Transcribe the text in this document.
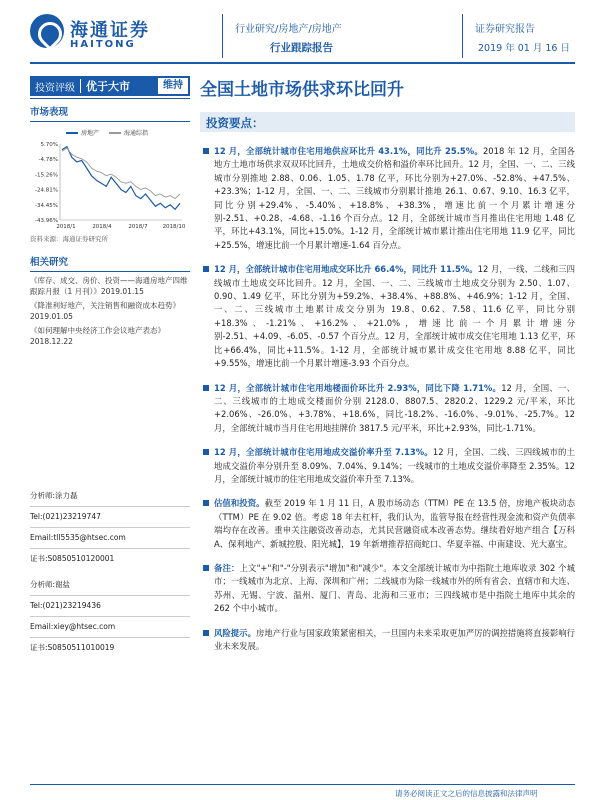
海通证券
HAITONG
行业研究/房地产/房地产
行业跟踪报告
证券研究报告
2019 年 01 月 16 日
投资评级	优于大市	维持 全国土地市场供求环比回升
市场表现
房地产	海通综指
5.70%
-4.78%
-15.26%
-24.81%
-34.45%
-43.96%
2018/1	2018/4	2018/7	2018/10
资料来源：海通证券研究所
相关研究
《库存、成交、房价、投资——海通房地产四维跟踪月报（1 月刊）》2019.01.15
《降准利好地产，关注销售和融资成本趋势》2019.01.05
《如何理解中央经济工作会议地产表态》2018.12.22
分析师:涂力磊
Tel:(021)23219747
Email:tll5535@htsec.com
证书:S0850510120001
分析师:谢盐
Tel:(021)23219436
Email:xiey@htsec.com
证书:S0850511010019
投资要点：
12 月，全部统计城市住宅用地供应环比升 43.1%，同比升 25.5%。2018 年 12 月，全国各地方土地市场供求双双环比回升，土地成交价格和溢价率环比回升。12 月，全国、一、二、三线城市分别推地 2.88、0.06、1.05、1.78 亿平，环比分别为+27.0%、-52.8%、+47.5%、+23.3%；1-12 月，全国、一、二、三线城市分别累计推地 26.1、0.67、9.10、16.3 亿平，同比分别+29.4%、-5.40%、+18.8%、+38.3%，增速比前一个月累计增速分别-2.51、+0.28、-4.68、-1.16 个百分点。12 月，全部统计城市当月推出住宅用地 1.48 亿平，环比+43.1%，同比+15.0%。1-12 月，全部统计城市累计推出住宅用地 11.9 亿平，同比+25.5%，增速比前一个月累计增速-1.64 百分点。
12 月，全部统计城市住宅用地成交环比升 66.4%，同比升 11.5%。12 月，一线、二线和三四线城市土地成交环比回升。12 月，全国、一、二、三线城市土地成交分别为 2.50、1.07、0.90、1.49 亿平，环比分别为+59.2%、+38.4%、+88.8%、+46.9%；1-12 月，全国、一、二、三线城市土地累计成交分别为 19.8、0.62、7.58、11.6 亿平，同比分别+18.3%、-1.21%、+16.2%、+21.0%，增速比前一个月累计增速分别-2.51、+4.09、-6.05、-0.57 个百分点。12 月，全部统计城市成交住宅用地 1.13 亿平，环比+66.4%，同比+11.5%。1-12 月，全部统计城市累计成交住宅用地 8.88 亿平，同比+9.55%，增速比前一个月累计增速-3.93 个百分点。
12 月，全部统计城市住宅用地楼面价环比升 2.93%，同比下降 1.71%。12 月，全国、一、二、三线城市的土地成交楼面价分别 2128.0、8807.5、2820.2、1229.2 元/平米，环比+2.06%、-26.0%、+3.78%、+18.6%，同比-18.2%、-16.0%、-9.01%、-25.7%。12 月，全部统计城市当月住宅用地挂牌价 3817.5 元/平米，环比+2.93%，同比-1.71%。
12 月，全部统计城市住宅用地成交溢价率升至 7.13%。12 月，全国、二线、三四线城市的土地成交溢价率分别升至 8.09%、7.04%、9.14%；一线城市的土地成交溢价率降至 2.35%。12 月，全部统计城市的住宅用地成交溢价率升至 7.13%。
估值和投资。截至 2019 年 1 月 11 日，A 股市场动态（TTM）PE 在 13.5 倍，房地产板块动态（TTM）PE 在 9.02 倍。考虑 18 年去杠杆，我们认为，监管导报在经营性现金流和资产负债率端均存在改善。重申关注融资改善动态，尤其民营融资成本改善态势。继续看好地产组合【万科 A、保利地产、新城控股、阳光城】，19 年新增推荐招商蛇口、华夏幸福、中南建设、光大嘉宝。
备注：上文"+"和"-"分别表示"增加"和"减少"。本文全部统计城市为中指院土地库收录 302 个城市；一线城市为北京、上海、深圳和广州；二线城市为除一线城市外的所有省会、直辖市和大连、苏州、无锡、宁波、温州、厦门、青岛、北海和三亚市；三四线城市是中指院土地库中其余的 262 个中小城市。
风险提示。房地产行业与国家政策紧密相关，一旦国内未来采取更加严厉的调控措施将直接影响行业未来发展。
请务必阅读正文之后的信息披露和法律声明
